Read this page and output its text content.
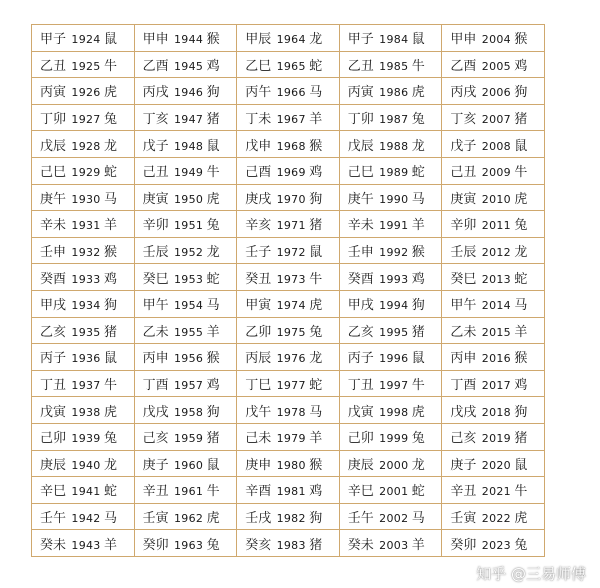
甲子 1924 鼠	甲申 1944 猴	甲辰 1964 龙	甲子 1984 鼠	甲申 2004 猴
乙丑 1925 牛	乙酉 1945 鸡	乙巳 1965 蛇	乙丑 1985 牛	乙酉 2005 鸡
丙寅 1926 虎	丙戌 1946 狗	丙午 1966 马	丙寅 1986 虎	丙戌 2006 狗
丁卯 1927 兔	丁亥 1947 猪	丁未 1967 羊	丁卯 1987 兔	丁亥 2007 猪
戊辰 1928 龙	戊子 1948 鼠	戊申 1968 猴	戊辰 1988 龙	戊子 2008 鼠
己巳 1929 蛇	己丑 1949 牛	己酉 1969 鸡	己巳 1989 蛇	己丑 2009 牛
庚午 1930 马	庚寅 1950 虎	庚戌 1970 狗	庚午 1990 马	庚寅 2010 虎
辛未 1931 羊	辛卯 1951 兔	辛亥 1971 猪	辛未 1991 羊	辛卯 2011 兔
壬申 1932 猴	壬辰 1952 龙	壬子 1972 鼠	壬申 1992 猴	壬辰 2012 龙
癸酉 1933 鸡	癸巳 1953 蛇	癸丑 1973 牛	癸酉 1993 鸡	癸巳 2013 蛇
甲戌 1934 狗	甲午 1954 马	甲寅 1974 虎	甲戌 1994 狗	甲午 2014 马
乙亥 1935 猪	乙未 1955 羊	乙卯 1975 兔	乙亥 1995 猪	乙未 2015 羊
丙子 1936 鼠	丙申 1956 猴	丙辰 1976 龙	丙子 1996 鼠	丙申 2016 猴
丁丑 1937 牛	丁酉 1957 鸡	丁巳 1977 蛇	丁丑 1997 牛	丁酉 2017 鸡
戊寅 1938 虎	戊戌 1958 狗	戊午 1978 马	戊寅 1998 虎	戊戌 2018 狗
己卯 1939 兔	己亥 1959 猪	己未 1979 羊	己卯 1999 兔	己亥 2019 猪
庚辰 1940 龙	庚子 1960 鼠	庚申 1980 猴	庚辰 2000 龙	庚子 2020 鼠
辛巳 1941 蛇	辛丑 1961 牛	辛酉 1981 鸡	辛巳 2001 蛇	辛丑 2021 牛
壬午 1942 马	壬寅 1962 虎	壬戌 1982 狗	壬午 2002 马	壬寅 2022 虎
癸未 1943 羊	癸卯 1963 兔	癸亥 1983 猪	癸未 2003 羊	癸卯 2023 兔
知乎 @三易师傅
